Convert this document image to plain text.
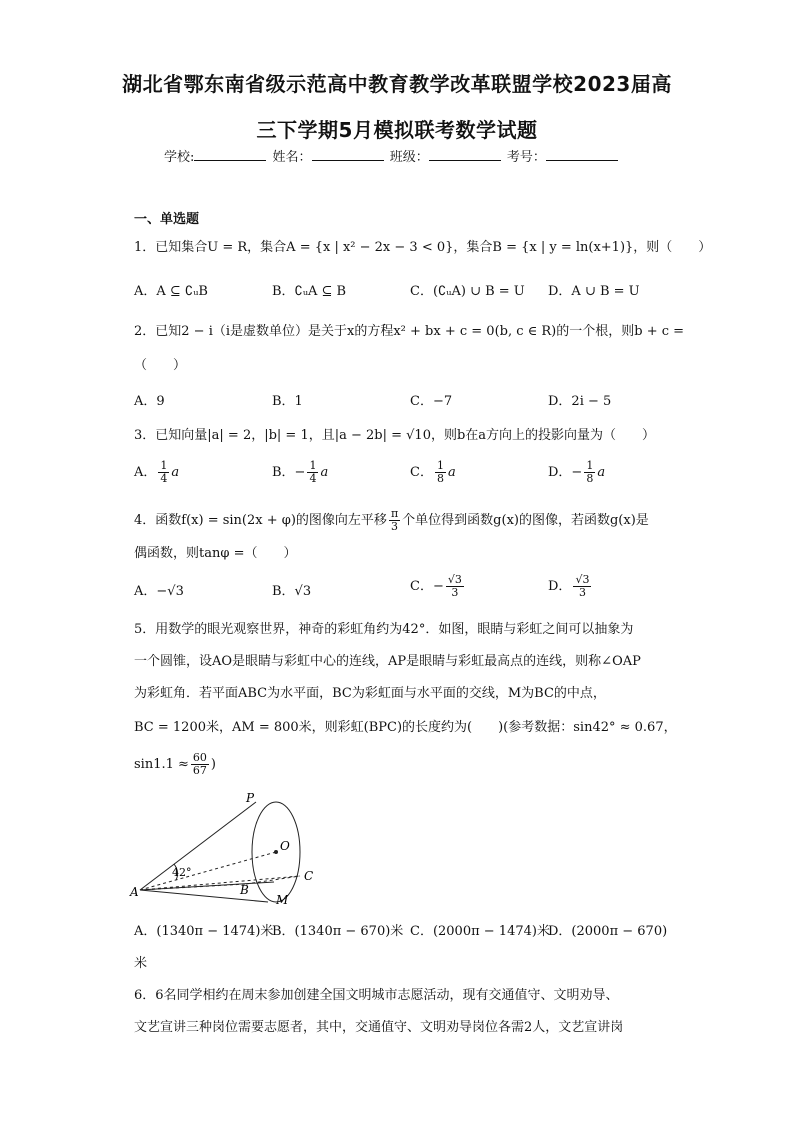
湖北省鄂东南省级示范高中教育教学改革联盟学校2023届高
三下学期5月模拟联考数学试题
学校:	姓名：	班级：	考号：
一、单选题
1．已知集合U = R，集合A = {x | x² − 2x − 3 < 0}，集合B = {x | y = ln(x+1)}，则（　　）
A．A ⊆ ∁ᵤB	B．∁ᵤA ⊆ B	C．(∁ᵤA) ∪ B = U D．A ∪ B = U
2．已知2 − i（i是虚数单位）是关于x的方程x² + bx + c = 0(b, c ∈ R)的一个根，则b + c =
（　　）
A．9	B．1	C．−7	D．2i − 5
3．已知向量|a| = 2，|b| = 1，且|a − 2b| = √10，则b在a方向上的投影向量为（　　）
A． $\frac{1}{4}$ a	B．− $\frac{1}{4}$ a	C． $\frac{1}{8}$ a	D．− $\frac{1}{8}$ a
4．函数f(x) = sin(2x + φ)的图像向左平移 $\frac{\pi}{3}$ 个单位得到函数g(x)的图像，若函数g(x)是
偶函数，则tanφ =（　　）
A．−√3	B．√3	C．− $\frac{√3}{3}$	D． $\frac{√3}{3}$
5．用数学的眼光观察世界，神奇的彩虹角约为42°．如图，眼睛与彩虹之间可以抽象为
一个圆锥，设AO是眼睛与彩虹中心的连线，AP是眼睛与彩虹最高点的连线，则称∠OAP
为彩虹角．若平面ABC为水平面，BC为彩虹面与水平面的交线，M为BC的中点，
BC = 1200米，AM = 800米，则彩虹(BPC)的长度约为(　　)(参考数据：sin42° ≈ 0.67，
$\sin 1.1 \approx \frac{60}{67}$ )
P
O
C
A	B
M
42°
A．(1340π − 1474)米
B．(1340π − 670)米 C．(2000π − 1474)米
D．(2000π − 670)
米
6．6名同学相约在周末参加创建全国文明城市志愿活动，现有交通值守、文明劝导、
文艺宣讲三种岗位需要志愿者，其中，交通值守、文明劝导岗位各需2人，文艺宣讲岗
